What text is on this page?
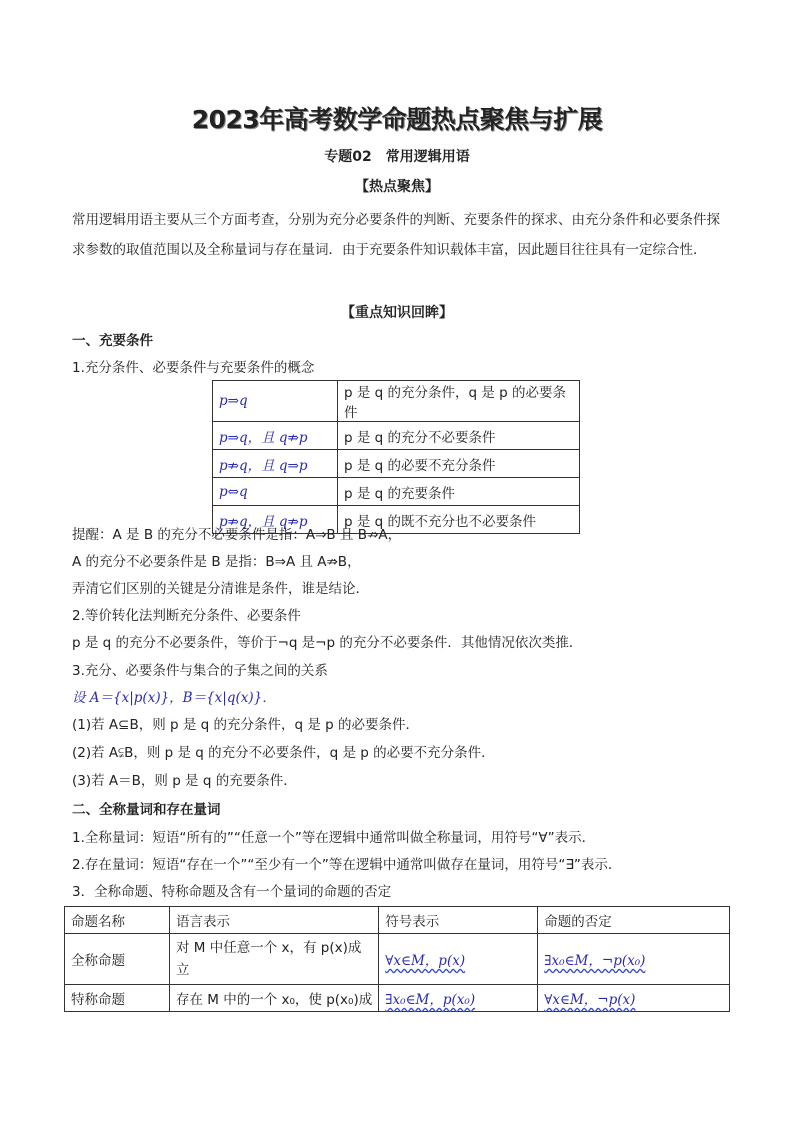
2023年高考数学命题热点聚焦与扩展
专题02　常用逻辑用语
【热点聚焦】
常用逻辑用语主要从三个方面考查，分别为充分必要条件的判断、充要条件的探求、由充分条件和必要条件探求参数的取值范围以及全称量词与存在量词．由于充要条件知识载体丰富，因此题目往往具有一定综合性．
【重点知识回眸】
一、充要条件
1.充分条件、必要条件与充要条件的概念
p⇒q	p 是 q 的充分条件，q 是 p 的必要条件
p⇒q，且 q⇏p	p 是 q 的充分不必要条件
p⇏q，且 q⇒p	p 是 q 的必要不充分条件
p⇔q	p 是 q 的充要条件
p⇏q，且 q⇏p	p 是 q 的既不充分也不必要条件
提醒：A 是 B 的充分不必要条件是指：A⇒B 且 B⇏A，
A 的充分不必要条件是 B 是指：B⇒A 且 A⇏B，
弄清它们区别的关键是分清谁是条件，谁是结论．
2.等价转化法判断充分条件、必要条件
p 是 q 的充分不必要条件，等价于¬q 是¬p 的充分不必要条件．其他情况依次类推．
3.充分、必要条件与集合的子集之间的关系
设 A＝{x|p(x)}，B＝{x|q(x)}．
(1)若 A⊆B，则 p 是 q 的充分条件，q 是 p 的必要条件．
(2)若 A⫋B，则 p 是 q 的充分不必要条件，q 是 p 的必要不充分条件．
(3)若 A＝B，则 p 是 q 的充要条件．
二、全称量词和存在量词
1.全称量词：短语“所有的”“任意一个”等在逻辑中通常叫做全称量词，用符号“∀”表示．
2.存在量词：短语“存在一个”“至少有一个”等在逻辑中通常叫做存在量词，用符号“∃”表示．
3．全称命题、特称命题及含有一个量词的命题的否定
命题名称	语言表示	符号表示	命题的否定
全称命题	对 M 中任意一个 x，有 p(x)成立	∀x∈M，p(x)	∃x₀∈M，¬p(x₀)
特称命题	存在 M 中的一个 x₀，使 p(x₀)成	∃x₀∈M，p(x₀)	∀x∈M，¬p(x)
